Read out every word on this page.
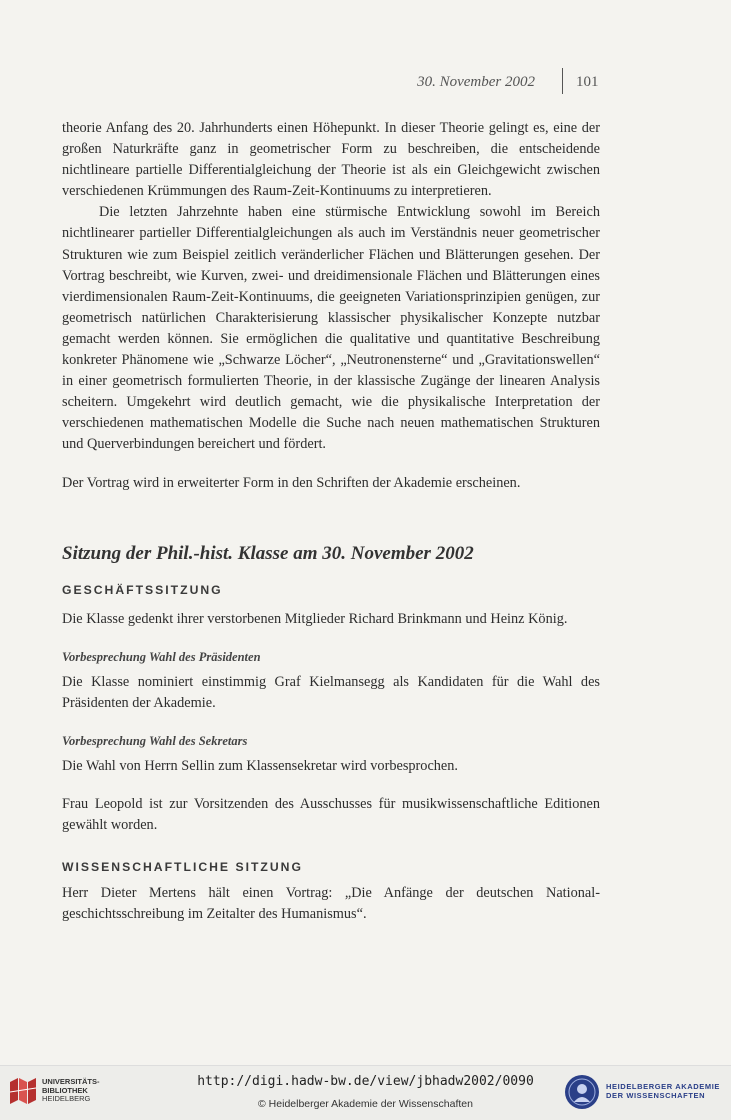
30. November 2002	101

theorie Anfang des 20. Jahrhunderts einen Höhepunkt. In dieser Theorie gelingt es, eine der großen Naturkräfte ganz in geometrischer Form zu beschreiben, die entscheidende nichtlineare partielle Differentialgleichung der Theorie ist als ein Gleichgewicht zwischen verschiedenen Krümmungen des Raum-Zeit-Kontinuums zu interpretieren.

Die letzten Jahrzehnte haben eine stürmische Entwicklung sowohl im Bereich nichtlinearer partieller Differentialgleichungen als auch im Verständnis neuer geometrischer Strukturen wie zum Beispiel zeitlich veränderlicher Flächen und Blätterungen gesehen. Der Vortrag beschreibt, wie Kurven, zwei- und dreidimensionale Flächen und Blätterungen eines vierdimensionalen Raum-Zeit-Kontinuums, die geeigneten Variationsprinzipien genügen, zur geometrisch natürlichen Charakterisierung klassischer physikalischer Konzepte nutzbar gemacht werden können. Sie ermöglichen die qualitative und quantitative Beschreibung konkreter Phänomene wie „Schwarze Löcher“, „Neutronensterne“ und „Gravitationswellen“ in einer geometrisch formulierten Theorie, in der klassische Zugänge der linearen Analysis scheitern. Umgekehrt wird deutlich gemacht, wie die physikalische Interpretation der verschiedenen mathematischen Modelle die Suche nach neuen mathematischen Strukturen und Querverbindungen bereichert und fördert.

Der Vortrag wird in erweiterter Form in den Schriften der Akademie erscheinen.

Sitzung der Phil.-hist. Klasse am 30. November 2002
GESCHÄFTSSITZUNG

Die Klasse gedenkt ihrer verstorbenen Mitglieder Richard Brinkmann und Heinz König.

Vorbesprechung Wahl des Präsidenten

Die Klasse nominiert einstimmig Graf Kielmansegg als Kandidaten für die Wahl des Präsidenten der Akademie.

Vorbesprechung Wahl des Sekretars

Die Wahl von Herrn Sellin zum Klassensekretar wird vorbesprochen.

Frau Leopold ist zur Vorsitzenden des Ausschusses für musikwissenschaftliche Editionen gewählt worden.

WISSENSCHAFTLICHE SITZUNG

Herr Dieter Mertens hält einen Vortrag: „Die Anfänge der deutschen Nationalgeschichtsschreibung im Zeitalter des Humanismus“.

UNIVERSITÄTS-
BIBLIOTHEK
HEIDELBERG
http://digi.hadw-bw.de/view/jbhadw2002/0090
© Heidelberger Akademie der Wissenschaften
HEIDELBERGER AKADEMIE
DER WISSENSCHAFTEN
